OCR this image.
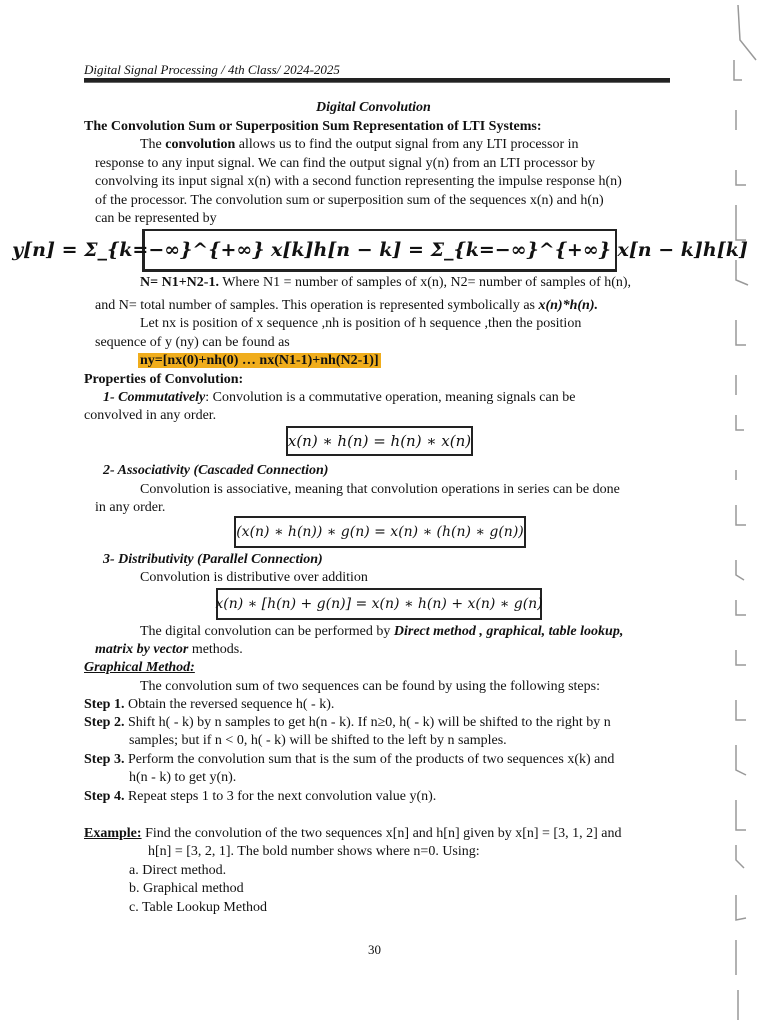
Digital Signal Processing / 4th Class/ 2024-2025
Digital Convolution
The Convolution Sum or Superposition Sum Representation of LTI Systems:
The convolution allows us to find the output signal from any LTI processor in
response to any input signal. We can find the output signal y(n) from an LTI processor by
convolving its input signal x(n) with a second function representing the impulse response h(n)
of the processor. The convolution sum or superposition sum of the sequences x(n) and h(n)
can be represented by
y[n] = Σ_{k=−∞}^{+∞} x[k]h[n − k] = Σ_{k=−∞}^{+∞} x[n − k]h[k]
N= N1+N2-1. Where N1 = number of samples of x(n), N2= number of samples of h(n),
and N= total number of samples. This operation is represented symbolically as x(n)*h(n).
Let nx is position of x sequence ,nh is position of h sequence ,then the position
sequence of y (ny) can be found as
ny=[nx(0)+nh(0) … nx(N1-1)+nh(N2-1)]
Properties of Convolution:
1- Commutatively: Convolution is a commutative operation, meaning signals can be
convolved in any order.
x(n) ∗ h(n) = h(n) ∗ x(n)
2- Associativity (Cascaded Connection)
Convolution is associative, meaning that convolution operations in series can be done
in any order.
(x(n) ∗ h(n)) ∗ g(n) = x(n) ∗ (h(n) ∗ g(n))
3- Distributivity (Parallel Connection)
Convolution is distributive over addition
x(n) ∗ [h(n) + g(n)] = x(n) ∗ h(n) + x(n) ∗ g(n)
The digital convolution can be performed by Direct method , graphical, table lookup,
matrix by vector methods.
Graphical Method:
The convolution sum of two sequences can be found by using the following steps:
Step 1. Obtain the reversed sequence h( - k).
Step 2. Shift h( - k) by n samples to get h(n - k). If n≥0, h( - k) will be shifted to the right by n
samples; but if n < 0, h( - k) will be shifted to the left by n samples.
Step 3. Perform the convolution sum that is the sum of the products of two sequences x(k) and
h(n - k) to get y(n).
Step 4. Repeat steps 1 to 3 for the next convolution value y(n).
Example: Find the convolution of the two sequences x[n] and h[n] given by x[n] = [3, 1, 2] and
h[n] = [3, 2, 1]. The bold number shows where n=0. Using:
a. Direct method.
b. Graphical method
c. Table Lookup Method
30
